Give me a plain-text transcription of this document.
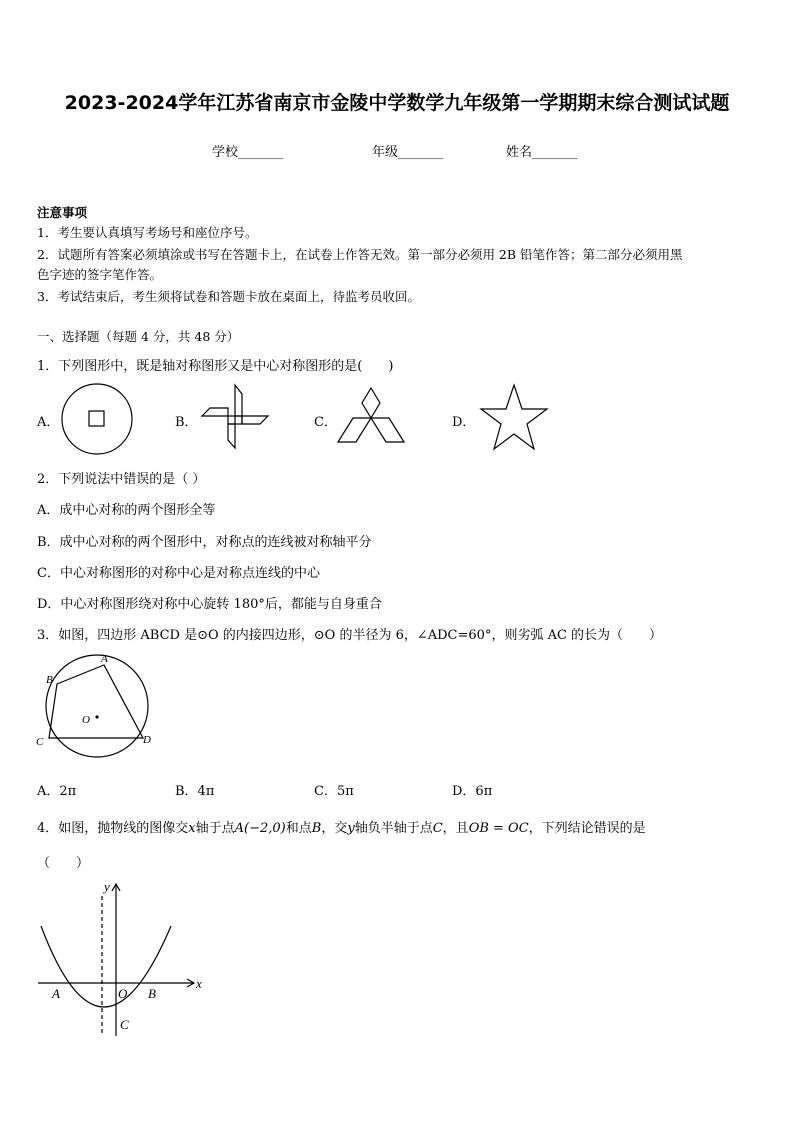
2023-2024学年江苏省南京市金陵中学数学九年级第一学期期末综合测试试题
学校_______	年级_______	姓名_______
注意事项
1．考生要认真填写考场号和座位序号。
2．试题所有答案必须填涂或书写在答题卡上，在试卷上作答无效。第一部分必须用 2B 铅笔作答；第二部分必须用黑
色字迹的签字笔作答。
3．考试结束后，考生须将试卷和答题卡放在桌面上，待监考员收回。
一、选择题（每题 4 分，共 48 分）
1．下列图形中，既是轴对称图形又是中心对称图形的是(　　)
A．	B．	C．	D．
2．下列说法中错误的是（ ）
A．成中心对称的两个图形全等
B．成中心对称的两个图形中，对称点的连线被对称轴平分
C．中心对称图形的对称中心是对称点连线的中心
D．中心对称图形绕对称中心旋转 180°后，都能与自身重合
3．如图，四边形 ABCD 是⊙O 的内接四边形，⊙O 的半径为 6，∠ADC=60°，则劣弧 AC 的长为（　　）
A
B
C	D
O
A．2π	B．4π	C．5π	D．6π
4．如图，抛物线的图像交x轴于点A(−2,0)和点B，交y轴负半轴于点C，且OB = OC，下列结论错误的是
（　　）
y
x
A	O B
C
